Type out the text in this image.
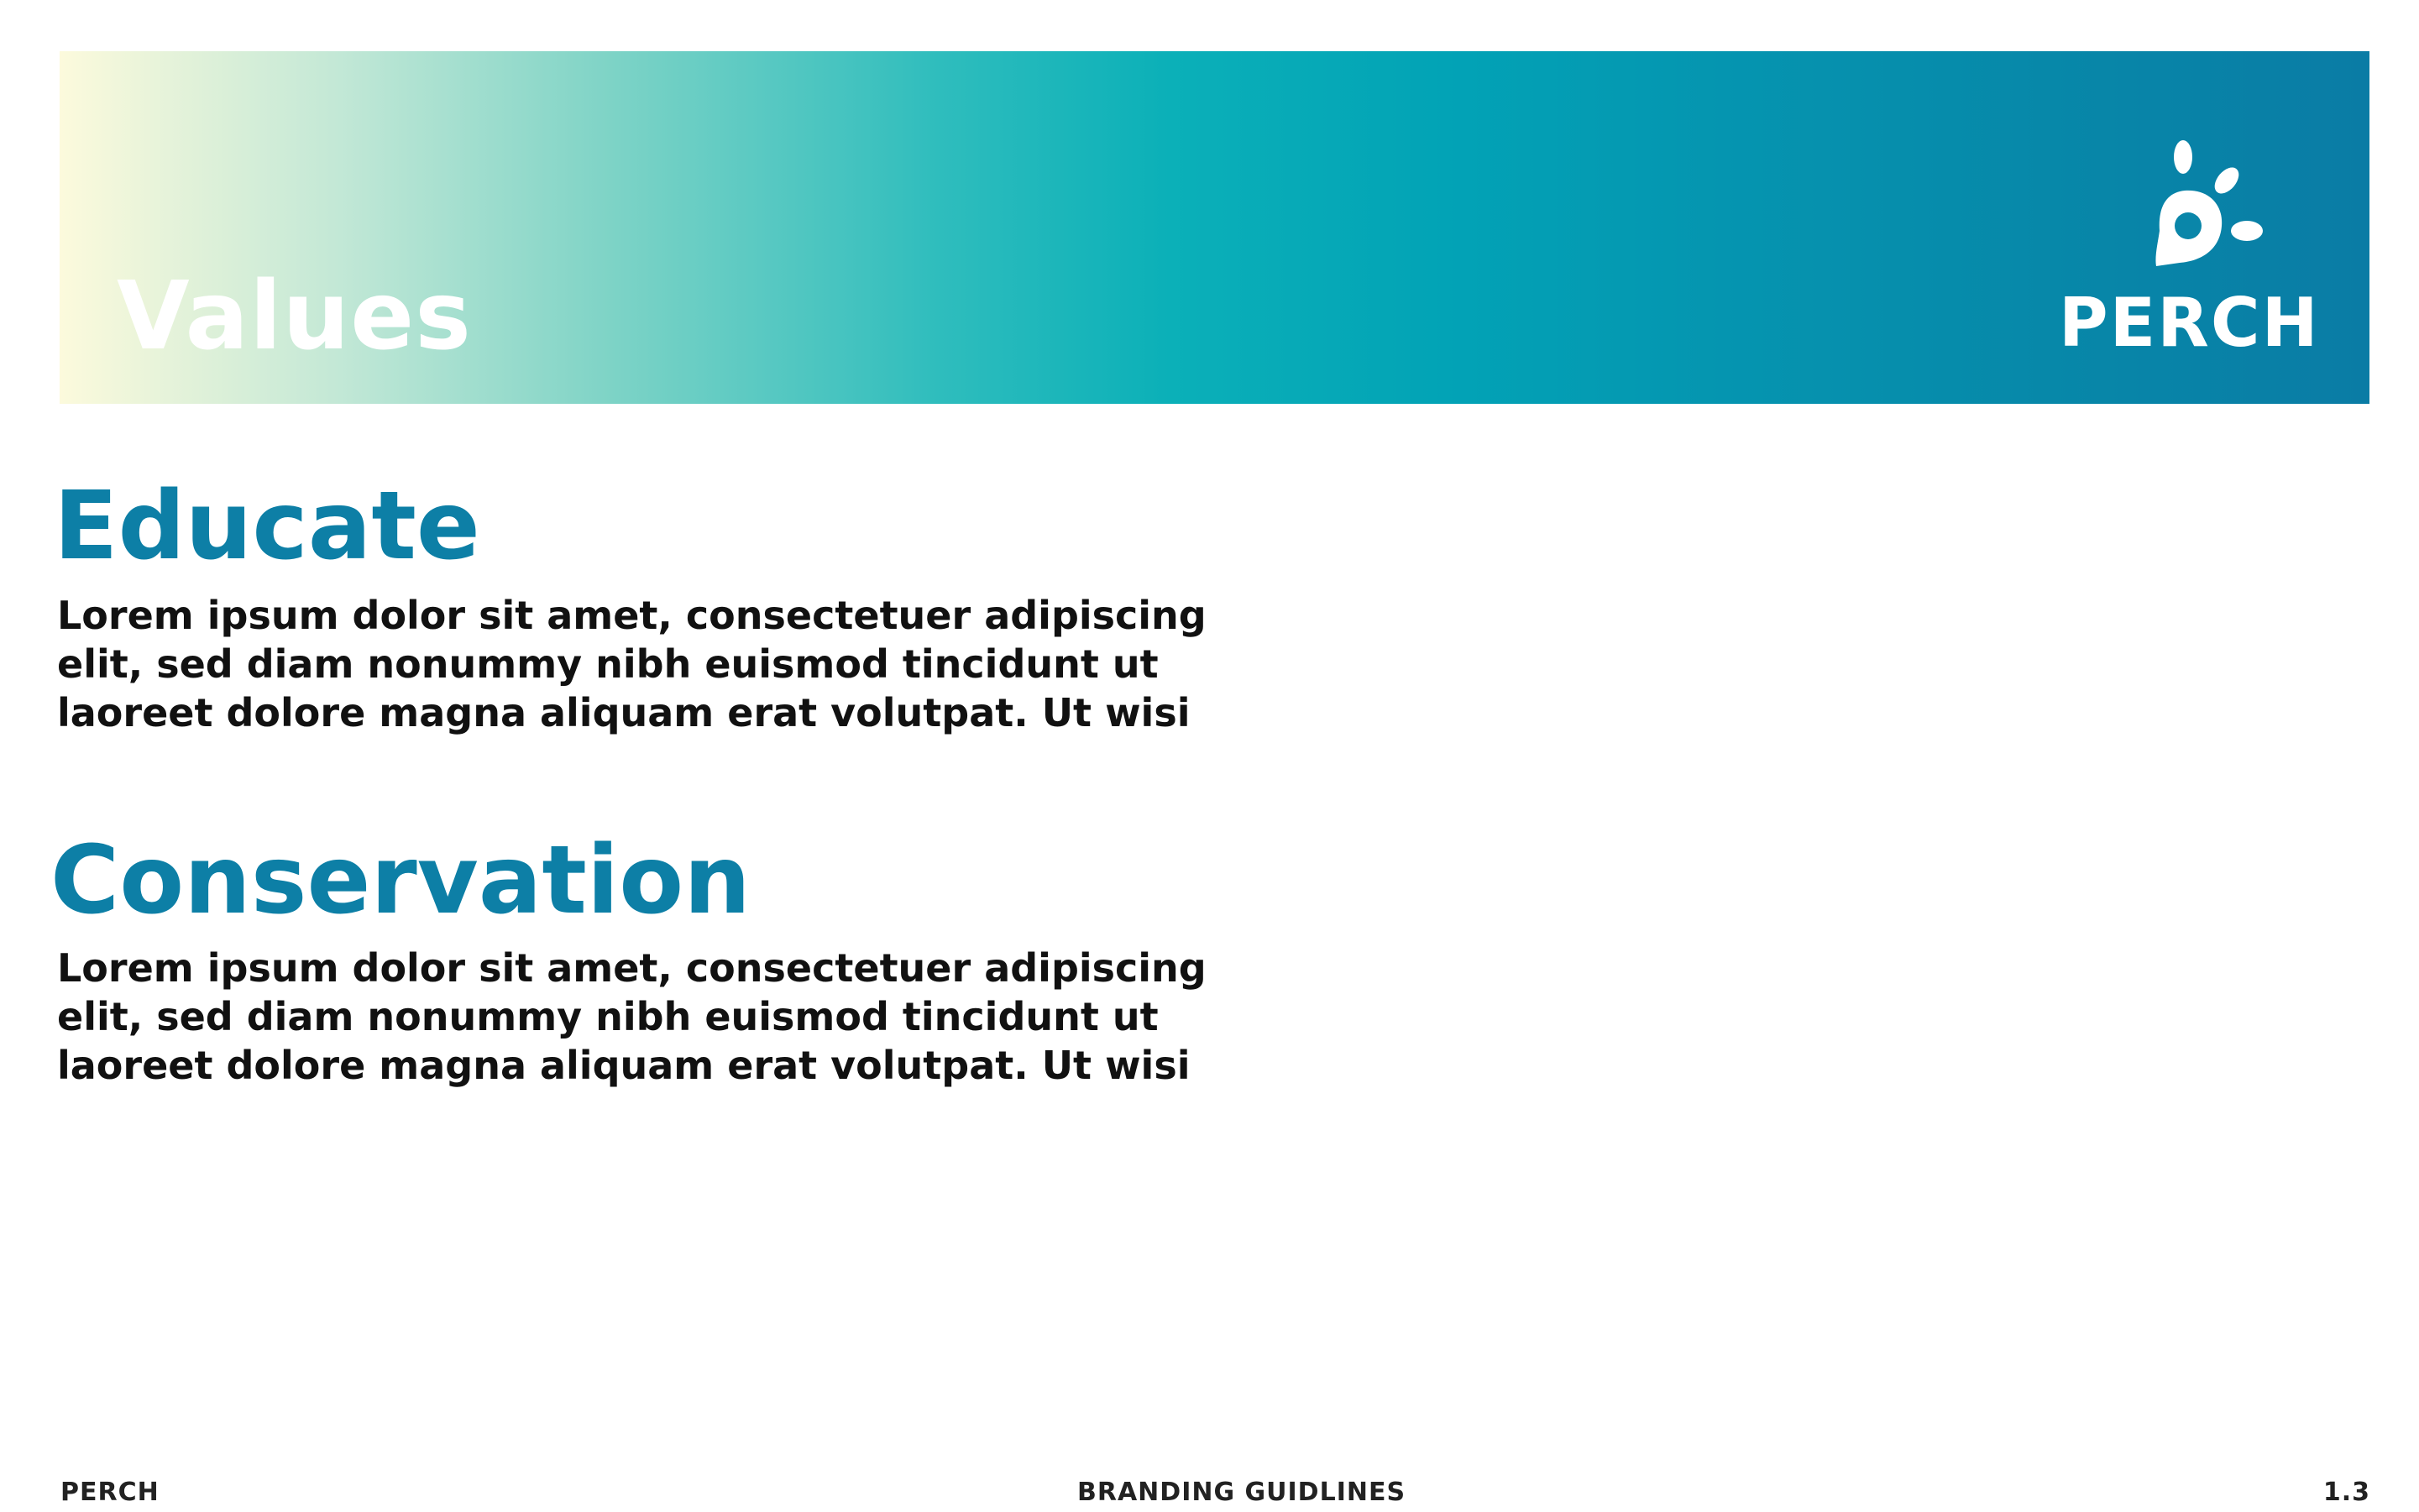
Values	PERCH
Educate

Lorem ipsum dolor sit amet, consectetuer adipiscing elit, sed diam nonummy nibh euismod tincidunt ut laoreet dolore magna aliquam erat volutpat. Ut wisi

Conservation

Lorem ipsum dolor sit amet, consectetuer adipiscing elit, sed diam nonummy nibh euismod tincidunt ut laoreet dolore magna aliquam erat volutpat. Ut wisi

PERCH	BRANDING GUIDLINES	1.3
